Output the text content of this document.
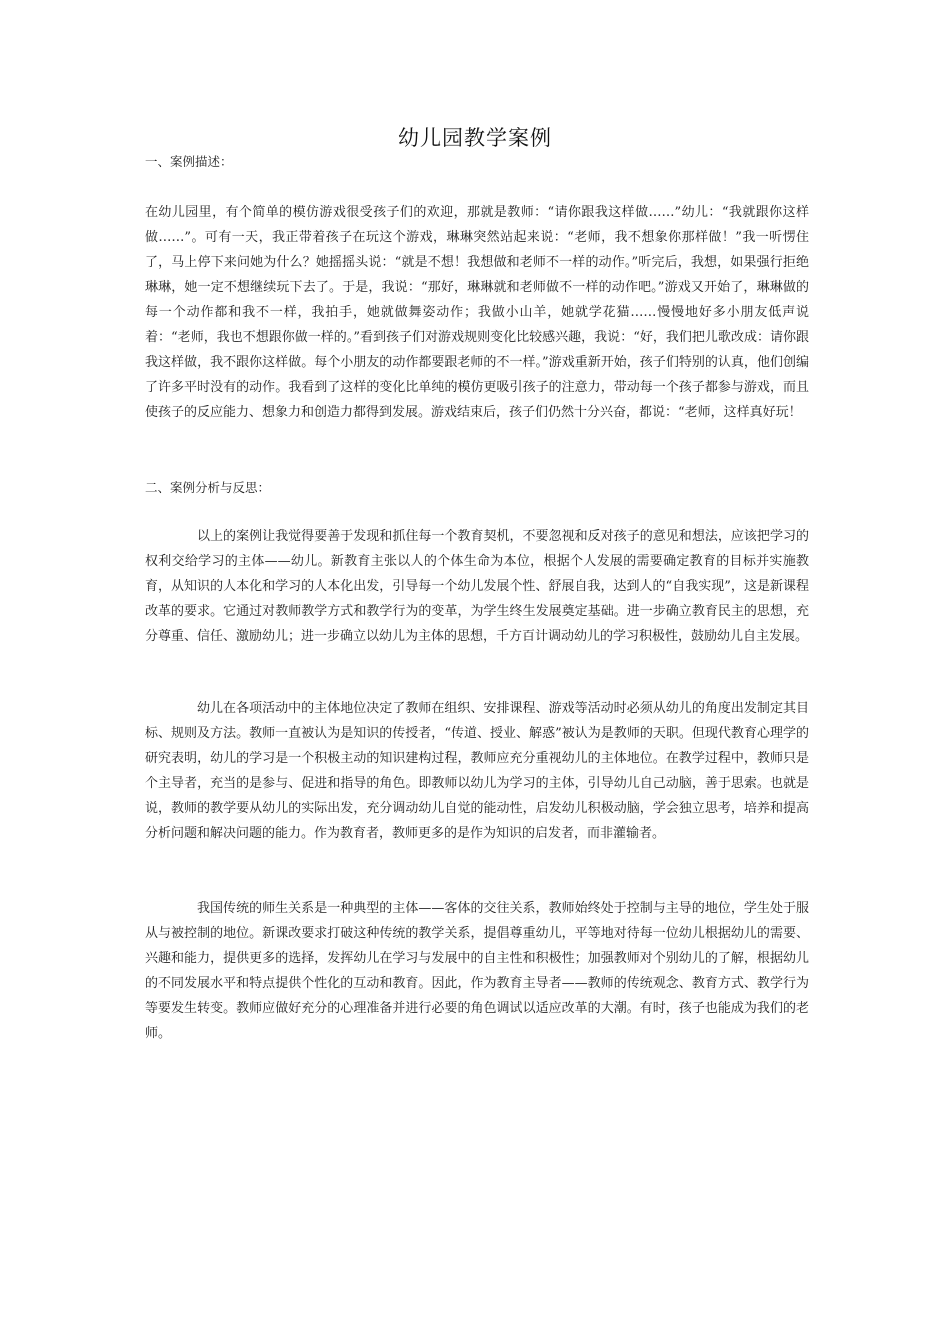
幼儿园教学案例
一、案例描述：

在幼儿园里，有个简单的模仿游戏很受孩子们的欢迎，那就是教师：“请你跟我这样做……”幼儿：“我就跟你这样做……”。可有一天，我正带着孩子在玩这个游戏，琳琳突然站起来说：“老师，我不想象你那样做！”我一听愣住了，马上停下来问她为什么？她摇摇头说：“就是不想！我想做和老师不一样的动作。”听完后，我想，如果强行拒绝琳琳，她一定不想继续玩下去了。于是，我说：“那好，琳琳就和老师做不一样的动作吧。”游戏又开始了，琳琳做的每一个动作都和我不一样，我拍手，她就做舞姿动作；我做小山羊，她就学花猫……慢慢地好多小朋友低声说着：“老师，我也不想跟你做一样的。”看到孩子们对游戏规则变化比较感兴趣，我说：“好，我们把儿歌改成：请你跟我这样做，我不跟你这样做。每个小朋友的动作都要跟老师的不一样。”游戏重新开始，孩子们特别的认真，他们创编了许多平时没有的动作。我看到了这样的变化比单纯的模仿更吸引孩子的注意力，带动每一个孩子都参与游戏，而且使孩子的反应能力、想象力和创造力都得到发展。游戏结束后，孩子们仍然十分兴奋，都说：“老师，这样真好玩！

二、案例分析与反思：

以上的案例让我觉得要善于发现和抓住每一个教育契机，不要忽视和反对孩子的意见和想法，应该把学习的权利交给学习的主体——幼儿。新教育主张以人的个体生命为本位，根据个人发展的需要确定教育的目标并实施教育，从知识的人本化和学习的人本化出发，引导每一个幼儿发展个性、舒展自我，达到人的“自我实现”，这是新课程改革的要求。它通过对教师教学方式和教学行为的变革，为学生终生发展奠定基础。进一步确立教育民主的思想，充分尊重、信任、激励幼儿；进一步确立以幼儿为主体的思想，千方百计调动幼儿的学习积极性，鼓励幼儿自主发展。

幼儿在各项活动中的主体地位决定了教师在组织、安排课程、游戏等活动时必须从幼儿的角度出发制定其目标、规则及方法。教师一直被认为是知识的传授者，“传道、授业、解惑”被认为是教师的天职。但现代教育心理学的研究表明，幼儿的学习是一个积极主动的知识建构过程，教师应充分重视幼儿的主体地位。在教学过程中，教师只是个主导者，充当的是参与、促进和指导的角色。即教师以幼儿为学习的主体，引导幼儿自己动脑，善于思索。也就是说，教师的教学要从幼儿的实际出发，充分调动幼儿自觉的能动性，启发幼儿积极动脑，学会独立思考，培养和提高分析问题和解决问题的能力。作为教育者，教师更多的是作为知识的启发者，而非灌输者。

我国传统的师生关系是一种典型的主体——客体的交往关系，教师始终处于控制与主导的地位，学生处于服从与被控制的地位。新课改要求打破这种传统的教学关系，提倡尊重幼儿，平等地对待每一位幼儿根据幼儿的需要、兴趣和能力，提供更多的选择，发挥幼儿在学习与发展中的自主性和积极性；加强教师对个别幼儿的了解，根据幼儿的不同发展水平和特点提供个性化的互动和教育。因此，作为教育主导者——教师的传统观念、教育方式、教学行为等要发生转变。教师应做好充分的心理准备并进行必要的角色调试以适应改革的大潮。有时，孩子也能成为我们的老师。
